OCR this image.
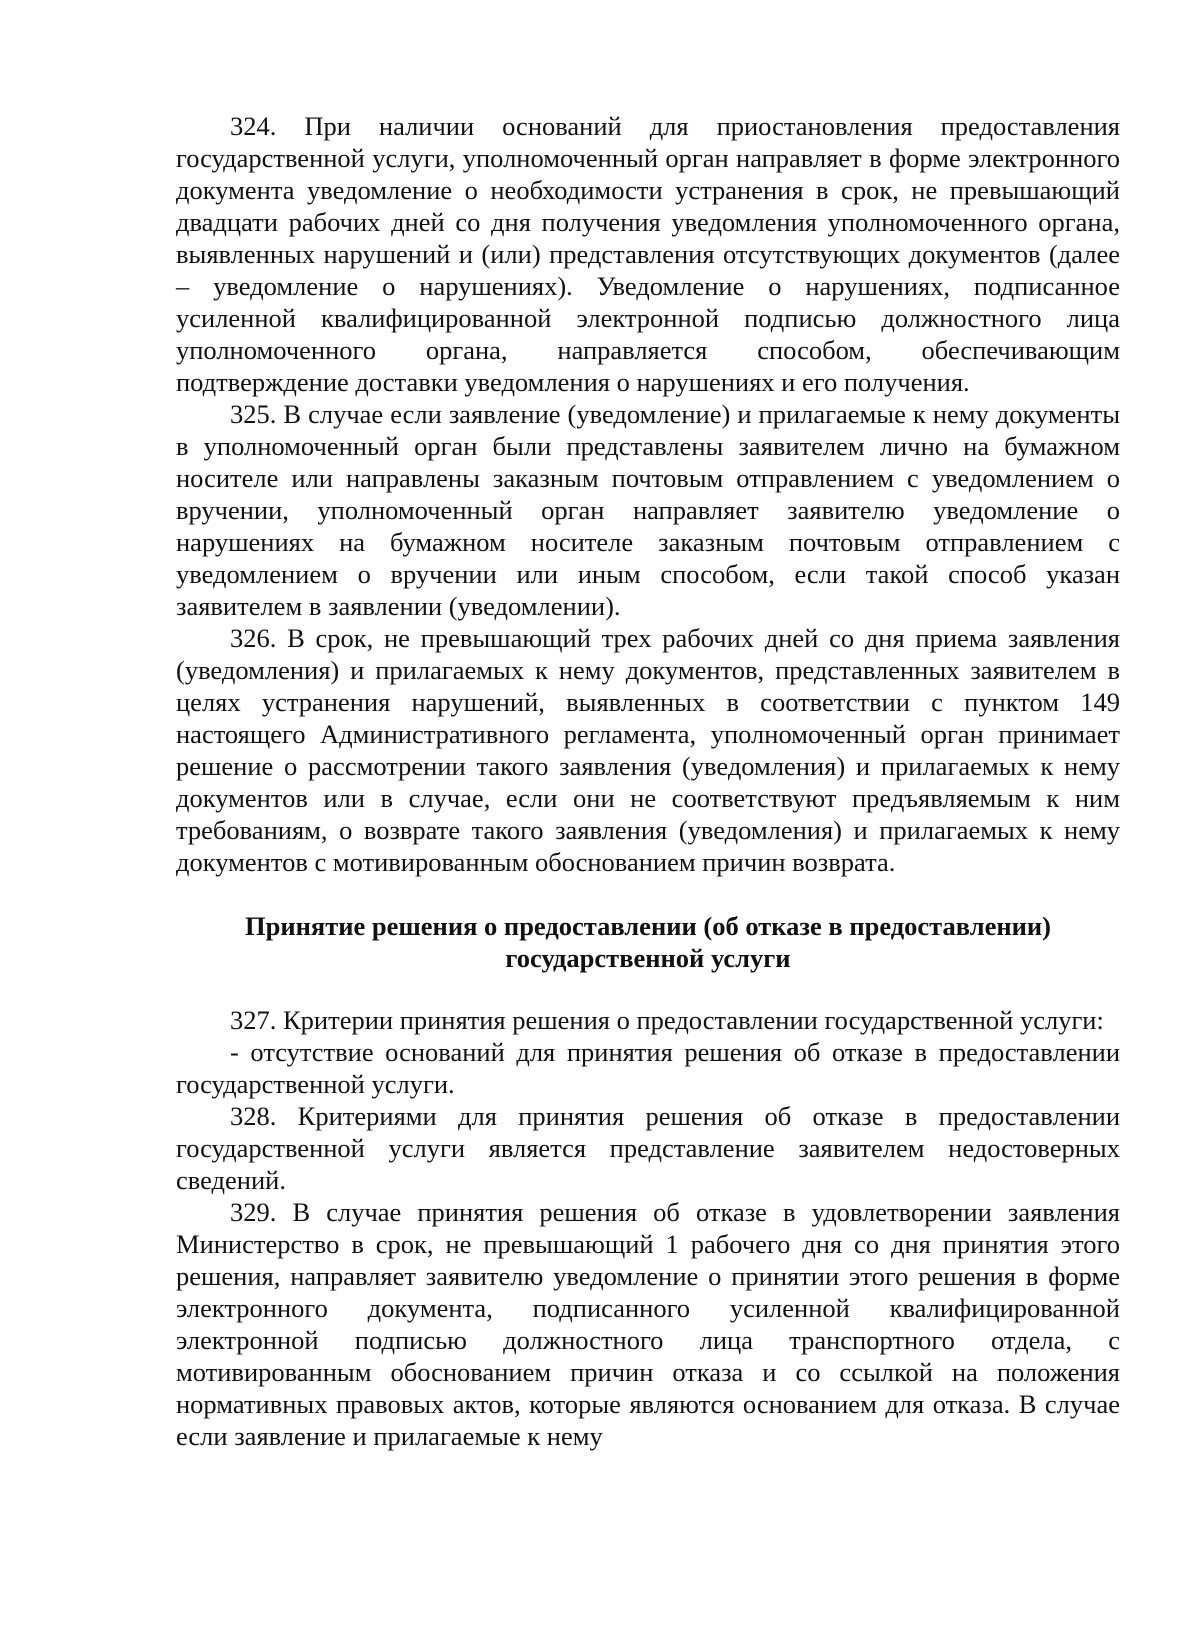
324. При наличии оснований для приостановления предоставления государственной услуги, уполномоченный орган направляет в форме электронного документа уведомление о необходимости устранения в срок, не превышающий двадцати рабочих дней со дня получения уведомления уполномоченного органа, выявленных нарушений и (или) представления отсутствующих документов (далее – уведомление о нарушениях). Уведомление о нарушениях, подписанное усиленной квалифицированной электронной подписью должностного лица уполномоченного органа, направляется способом, обеспечивающим подтверждение доставки уведомления о нарушениях и его получения.

325. В случае если заявление (уведомление) и прилагаемые к нему документы в уполномоченный орган были представлены заявителем лично на бумажном носителе или направлены заказным почтовым отправлением с уведомлением о вручении, уполномоченный орган направляет заявителю уведомление о нарушениях на бумажном носителе заказным почтовым отправлением с уведомлением о вручении или иным способом, если такой способ указан заявителем в заявлении (уведомлении).

326. В срок, не превышающий трех рабочих дней со дня приема заявления (уведомления) и прилагаемых к нему документов, представленных заявителем в целях устранения нарушений, выявленных в соответствии с пунктом 149 настоящего Административного регламента, уполномоченный орган принимает решение о рассмотрении такого заявления (уведомления) и прилагаемых к нему документов или в случае, если они не соответствуют предъявляемым к ним требованиям, о возврате такого заявления (уведомления) и прилагаемых к нему документов с мотивированным обоснованием причин возврата.

Принятие решения о предоставлении (об отказе в предоставлении)
государственной услуги

327. Критерии принятия решения о предоставлении государственной услуги:

- отсутствие оснований для принятия решения об отказе в предоставлении государственной услуги.

328. Критериями для принятия решения об отказе в предоставлении государственной услуги является представление заявителем недостоверных сведений.

329. В случае принятия решения об отказе в удовлетворении заявления Министерство в срок, не превышающий 1 рабочего дня со дня принятия этого решения, направляет заявителю уведомление о принятии этого решения в форме электронного документа, подписанного усиленной квалифицированной электронной подписью должностного лица транспортного отдела, с мотивированным обоснованием причин отказа и со ссылкой на положения нормативных правовых актов, которые являются основанием для отказа. В случае если заявление и прилагаемые к нему
